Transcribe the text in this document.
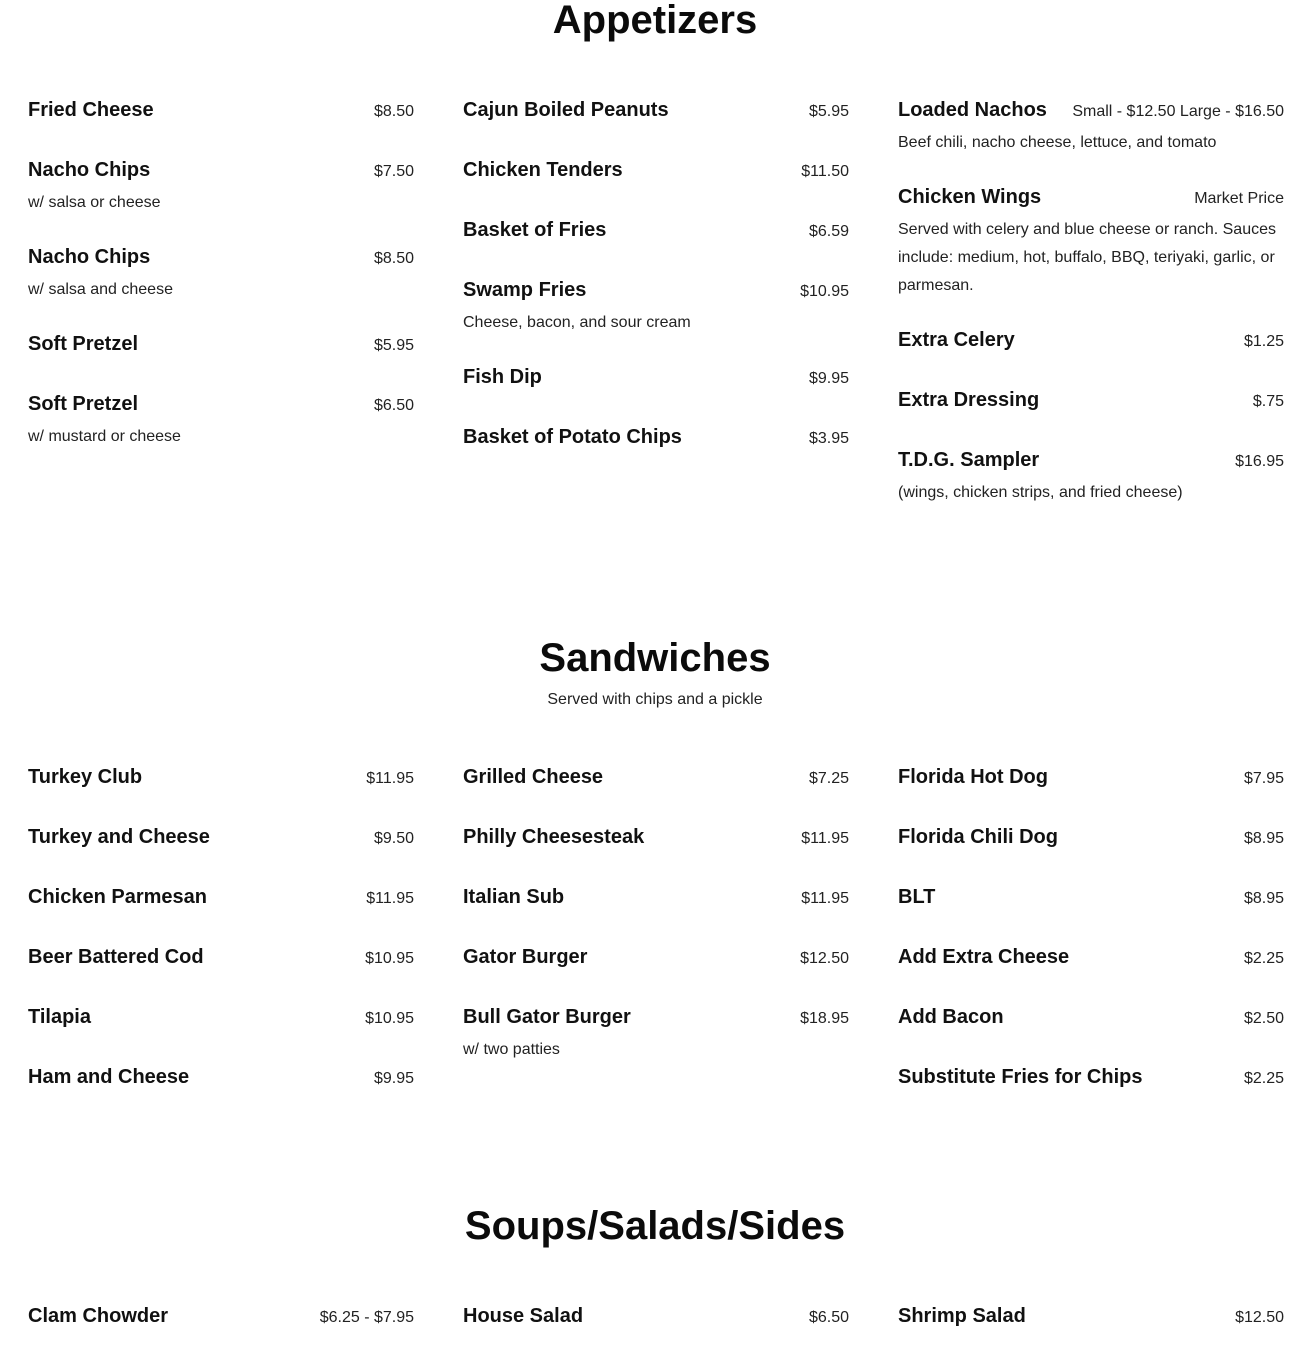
Appetizers
Fried Cheese	$8.50
Nacho Chips	$7.50
w/ salsa or cheese
Nacho Chips	$8.50
w/ salsa and cheese
Soft Pretzel	$5.95
Soft Pretzel	$6.50
w/ mustard or cheese
Cajun Boiled Peanuts	$5.95
Chicken Tenders	$11.50
Basket of Fries	$6.59
Swamp Fries	$10.95
Cheese, bacon, and sour cream
Fish Dip	$9.95
Basket of Potato Chips	$3.95
Loaded Nachos Small - $12.50 Large - $16.50
Beef chili, nacho cheese, lettuce, and tomato
Chicken Wings	Market Price
Served with celery and blue cheese or ranch. Sauces include: medium, hot, buffalo, BBQ, teriyaki, garlic, or parmesan.
Extra Celery	$1.25
Extra Dressing	$.75
T.D.G. Sampler	$16.95
(wings, chicken strips, and fried cheese)
Sandwiches
Served with chips and a pickle
Turkey Club	$11.95
Turkey and Cheese	$9.50
Chicken Parmesan	$11.95
Beer Battered Cod	$10.95
Tilapia	$10.95
Ham and Cheese	$9.95
Grilled Cheese	$7.25
Philly Cheesesteak	$11.95
Italian Sub	$11.95
Gator Burger	$12.50
Bull Gator Burger	$18.95
w/ two patties
Florida Hot Dog	$7.95
Florida Chili Dog	$8.95
BLT	$8.95
Add Extra Cheese	$2.25
Add Bacon	$2.50
Substitute Fries for Chips	$2.25
Soups/Salads/Sides
Clam Chowder	$6.25 - $7.95 House Salad	$6.50 Shrimp Salad	$12.50
